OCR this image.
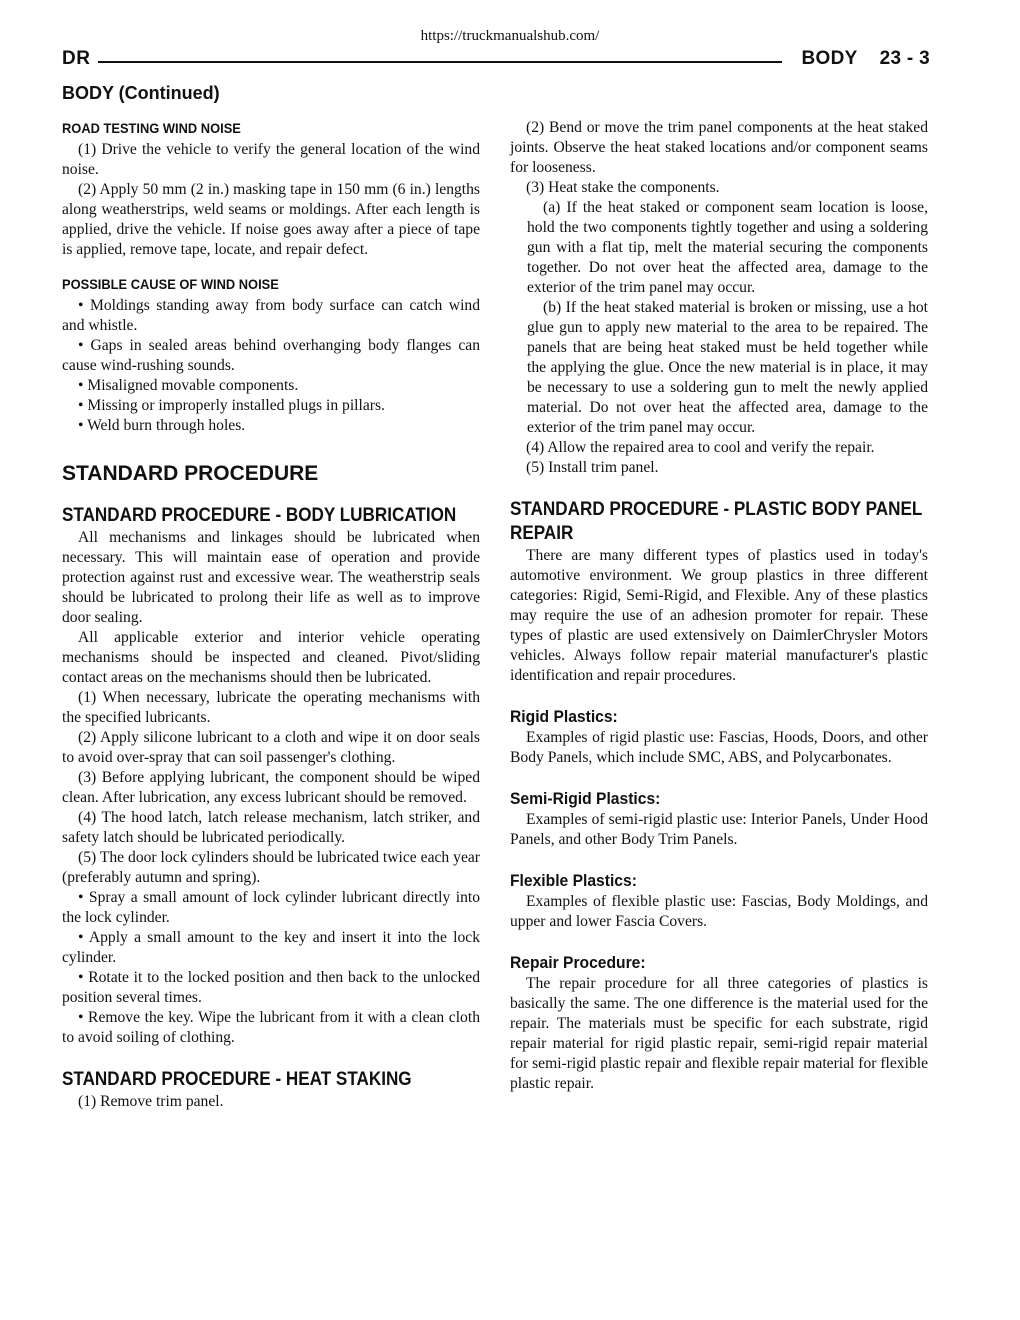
https://truckmanualshub.com/
DR	BODY 23 - 3
BODY (Continued)
ROAD TESTING WIND NOISE

(1) Drive the vehicle to verify the general location of the wind noise.

(2) Apply 50 mm (2 in.) masking tape in 150 mm (6 in.) lengths along weatherstrips, weld seams or moldings. After each length is applied, drive the vehicle. If noise goes away after a piece of tape is applied, remove tape, locate, and repair defect.

POSSIBLE CAUSE OF WIND NOISE

• Moldings standing away from body surface can catch wind and whistle.

• Gaps in sealed areas behind overhanging body flanges can cause wind-rushing sounds.

• Misaligned movable components.

• Missing or improperly installed plugs in pillars.

• Weld burn through holes.

STANDARD PROCEDURE
STANDARD PROCEDURE - BODY LUBRICATION

All mechanisms and linkages should be lubricated when necessary. This will maintain ease of operation and provide protection against rust and excessive wear. The weatherstrip seals should be lubricated to prolong their life as well as to improve door sealing.

All applicable exterior and interior vehicle operating mechanisms should be inspected and cleaned. Pivot/sliding contact areas on the mechanisms should then be lubricated.

(1) When necessary, lubricate the operating mechanisms with the specified lubricants.

(2) Apply silicone lubricant to a cloth and wipe it on door seals to avoid over-spray that can soil passenger's clothing.

(3) Before applying lubricant, the component should be wiped clean. After lubrication, any excess lubricant should be removed.

(4) The hood latch, latch release mechanism, latch striker, and safety latch should be lubricated periodically.

(5) The door lock cylinders should be lubricated twice each year (preferably autumn and spring).

• Spray a small amount of lock cylinder lubricant directly into the lock cylinder.

• Apply a small amount to the key and insert it into the lock cylinder.

• Rotate it to the locked position and then back to the unlocked position several times.

• Remove the key. Wipe the lubricant from it with a clean cloth to avoid soiling of clothing.

STANDARD PROCEDURE - HEAT STAKING

(1) Remove trim panel.

(2) Bend or move the trim panel components at the heat staked joints. Observe the heat staked locations and/or component seams for looseness.

(3) Heat stake the components.

(a) If the heat staked or component seam location is loose, hold the two components tightly together and using a soldering gun with a flat tip, melt the material securing the components together. Do not over heat the affected area, damage to the exterior of the trim panel may occur.

(b) If the heat staked material is broken or missing, use a hot glue gun to apply new material to the area to be repaired. The panels that are being heat staked must be held together while the applying the glue. Once the new material is in place, it may be necessary to use a soldering gun to melt the newly applied material. Do not over heat the affected area, damage to the exterior of the trim panel may occur.

(4) Allow the repaired area to cool and verify the repair.

(5) Install trim panel.

STANDARD PROCEDURE - PLASTIC BODY PANEL REPAIR

There are many different types of plastics used in today's automotive environment. We group plastics in three different categories: Rigid, Semi-Rigid, and Flexible. Any of these plastics may require the use of an adhesion promoter for repair. These types of plastic are used extensively on DaimlerChrysler Motors vehicles. Always follow repair material manufacturer's plastic identification and repair procedures.

Rigid Plastics:

Examples of rigid plastic use: Fascias, Hoods, Doors, and other Body Panels, which include SMC, ABS, and Polycarbonates.

Semi-Rigid Plastics:

Examples of semi-rigid plastic use: Interior Panels, Under Hood Panels, and other Body Trim Panels.

Flexible Plastics:

Examples of flexible plastic use: Fascias, Body Moldings, and upper and lower Fascia Covers.

Repair Procedure:

The repair procedure for all three categories of plastics is basically the same. The one difference is the material used for the repair. The materials must be specific for each substrate, rigid repair material for rigid plastic repair, semi-rigid repair material for semi-rigid plastic repair and flexible repair material for flexible plastic repair.
